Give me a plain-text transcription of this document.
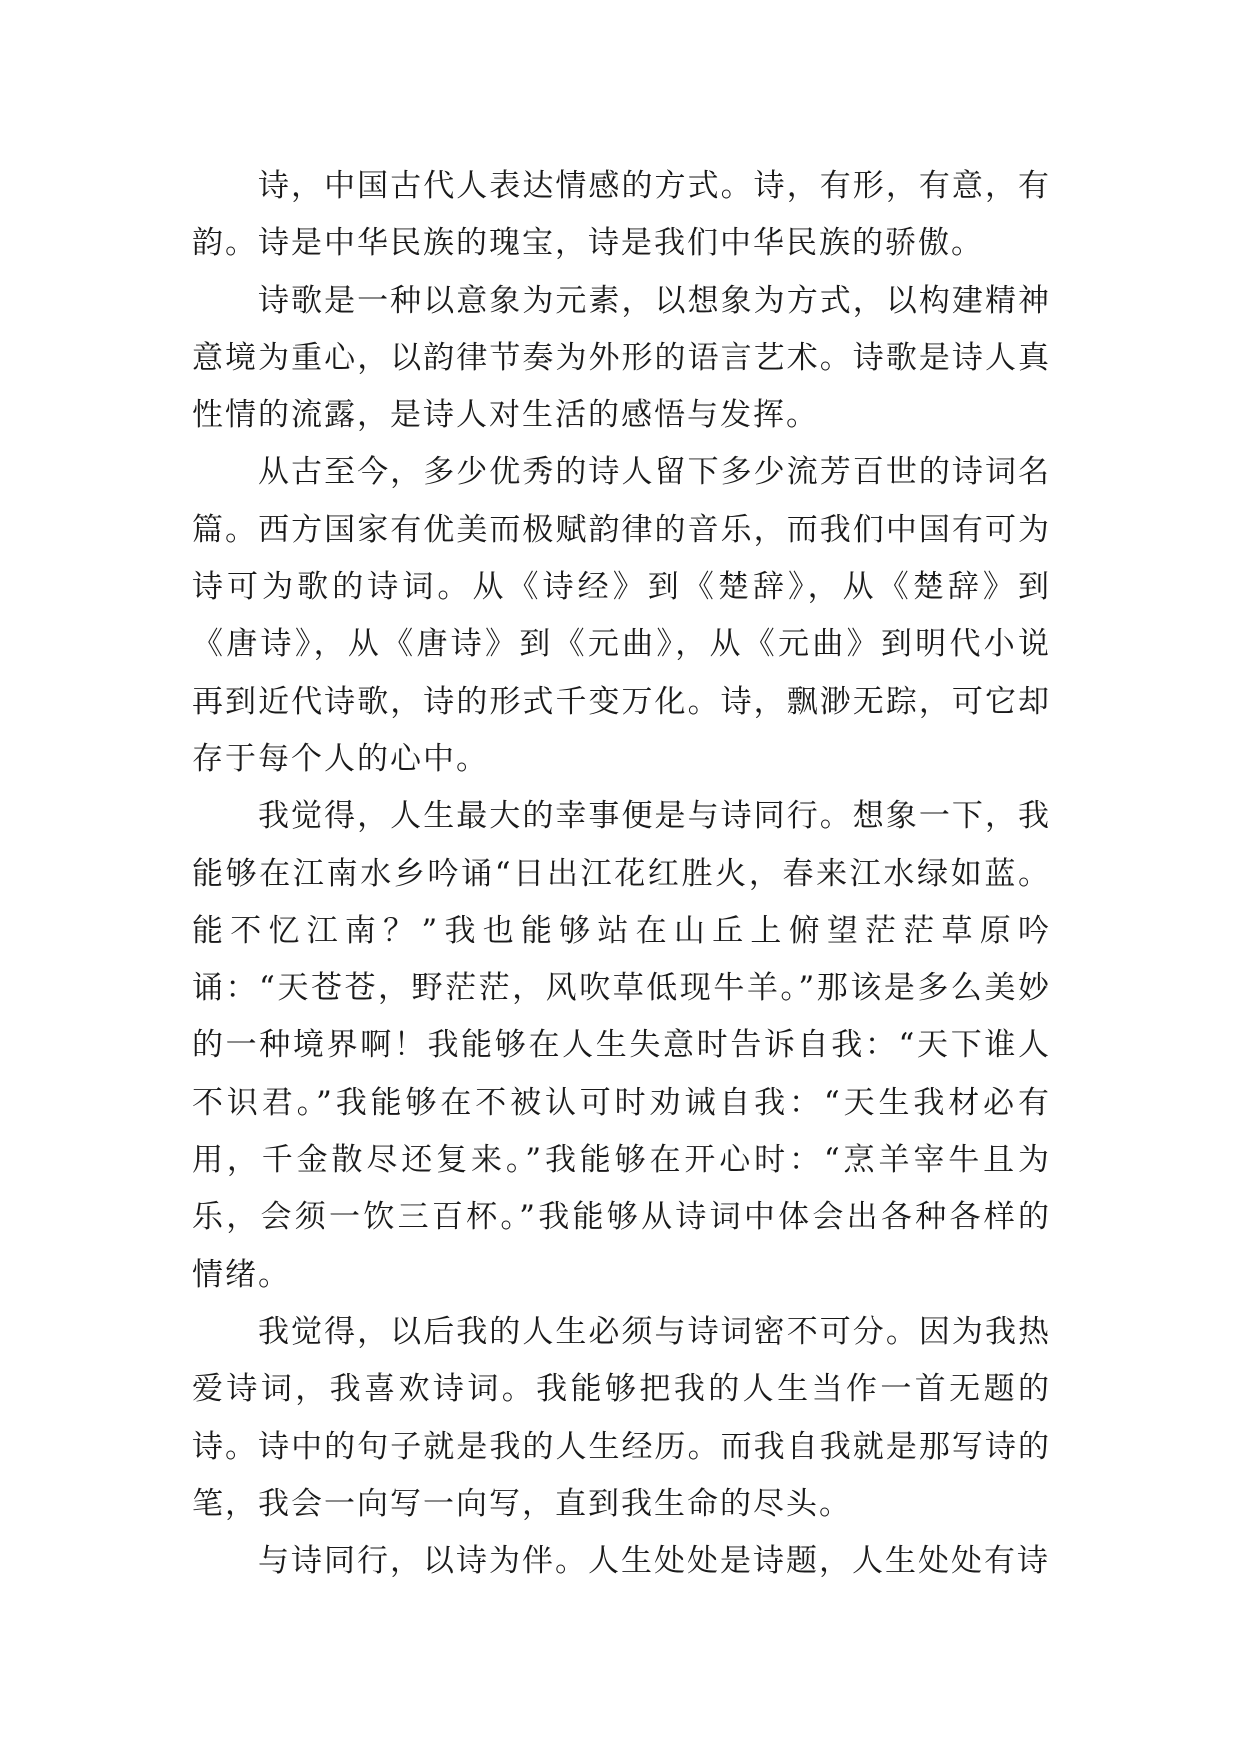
诗，中国古代人表达情感的方式。诗，有形，有意，有韵。诗是中华民族的瑰宝，诗是我们中华民族的骄傲。

诗歌是一种以意象为元素，以想象为方式，以构建精神意境为重心，以韵律节奏为外形的语言艺术。诗歌是诗人真性情的流露，是诗人对生活的感悟与发挥。

从古至今，多少优秀的诗人留下多少流芳百世的诗词名篇。西方国家有优美而极赋韵律的音乐，而我们中国有可为诗可为歌的诗词。从《诗经》到《楚辞》，从《楚辞》到《唐诗》，从《唐诗》到《元曲》，从《元曲》到明代小说再到近代诗歌，诗的形式千变万化。诗，飘渺无踪，可它却存于每个人的心中。

我觉得，人生最大的幸事便是与诗同行。想象一下，我能够在江南水乡吟诵“日出江花红胜火，春来江水绿如蓝。能不忆江南？”我也能够站在山丘上俯望茫茫草原吟诵：“天苍苍，野茫茫，风吹草低现牛羊。”那该是多么美妙的一种境界啊！我能够在人生失意时告诉自我：“天下谁人不识君。”我能够在不被认可时劝诫自我：“天生我材必有用，千金散尽还复来。”我能够在开心时：“烹羊宰牛且为乐，会须一饮三百杯。”我能够从诗词中体会出各种各样的情绪。

我觉得，以后我的人生必须与诗词密不可分。因为我热爱诗词，我喜欢诗词。我能够把我的人生当作一首无题的诗。诗中的句子就是我的人生经历。而我自我就是那写诗的笔，我会一向写一向写，直到我生命的尽头。

与诗同行，以诗为伴。人生处处是诗题，人生处处有诗
